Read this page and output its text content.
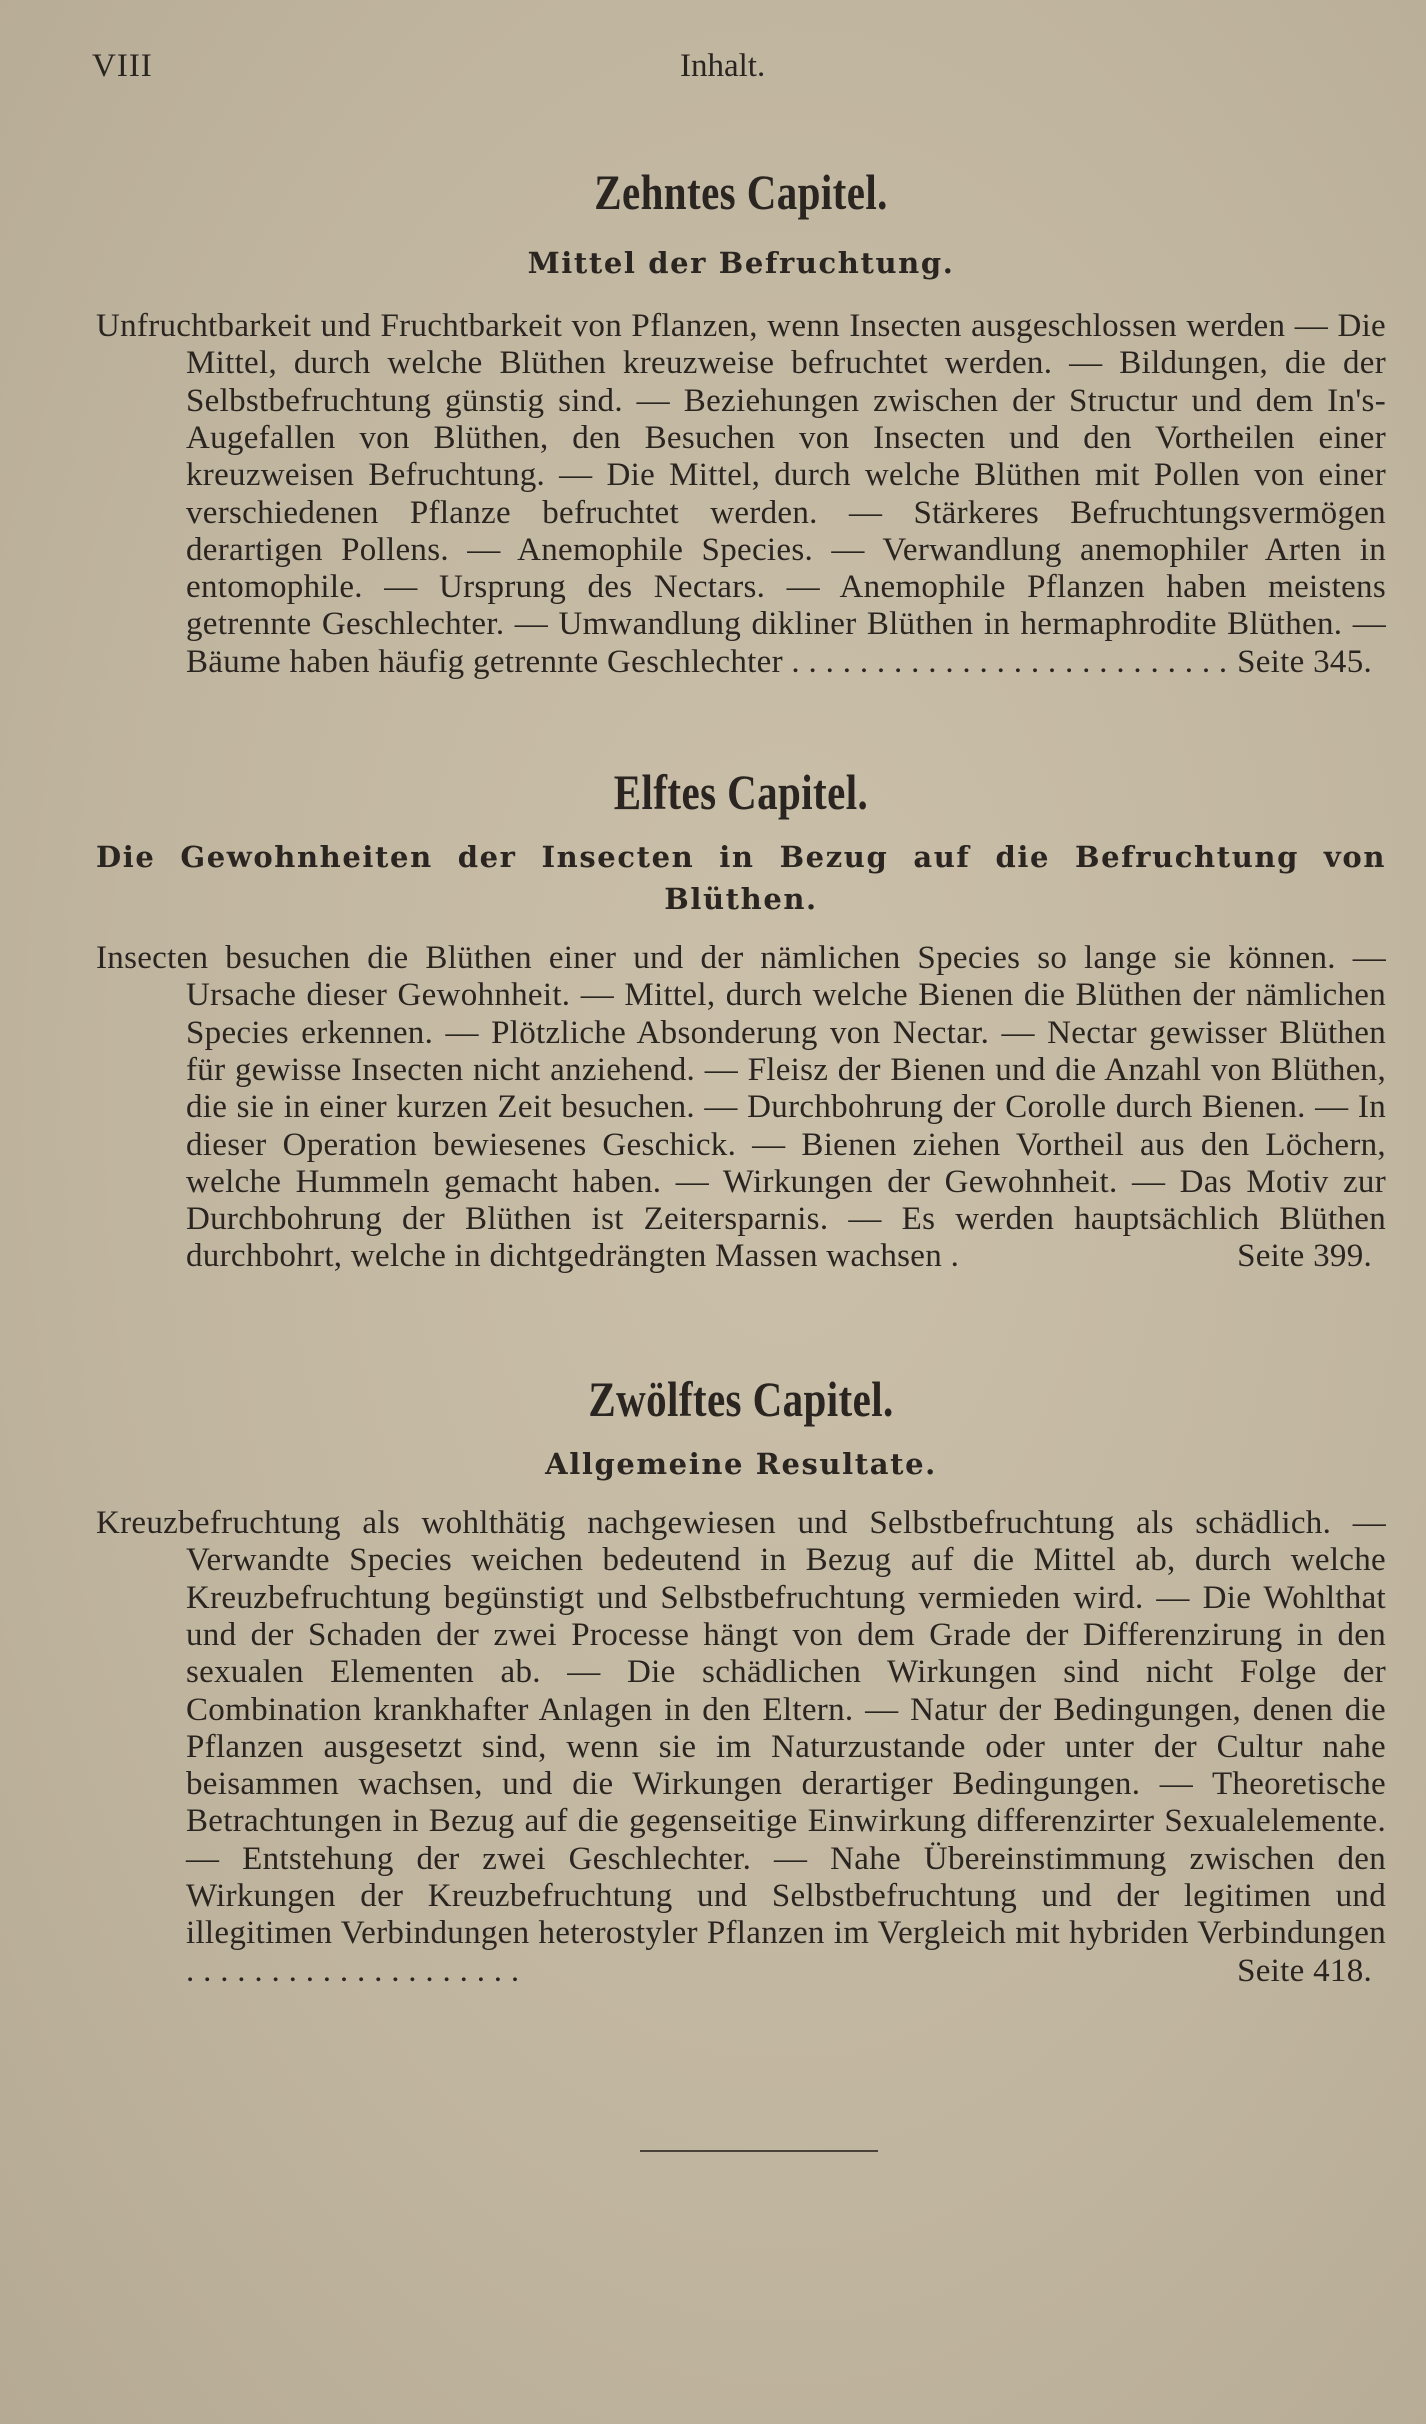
VIII	Inhalt.
Zehntes Capitel.

Mittel der Befruchtung.

Unfruchtbarkeit und Fruchtbarkeit von Pflanzen, wenn Insecten ausgeschlossen werden — Die Mittel, durch welche Blüthen kreuzweise befruchtet werden. — Bildungen, die der Selbstbefruchtung günstig sind. — Beziehungen zwischen der Structur und dem In's-Augefallen von Blüthen, den Besuchen von Insecten und den Vortheilen einer kreuzweisen Befruchtung. — Die Mittel, durch welche Blüthen mit Pollen von einer verschiedenen Pflanze befruchtet werden. — Stärkeres Befruchtungsvermögen derartigen Pollens. — Anemophile Species. — Verwandlung anemophiler Arten in entomophile. — Ursprung des Nectars. — Anemophile Pflanzen haben meistens getrennte Geschlechter. — Umwandlung dikliner Blüthen in hermaphrodite Blüthen. — Bäume haben häufig getrennte Geschlechter . . . . . . . . . . . . . . . . . . . . . . . . . . Seite 345.

Elftes Capitel.

Die Gewohnheiten der Insecten in Bezug auf die Befruchtung von Blüthen.

Insecten besuchen die Blüthen einer und der nämlichen Species so lange sie können. — Ursache dieser Gewohnheit. — Mittel, durch welche Bienen die Blüthen der nämlichen Species erkennen. — Plötzliche Absonderung von Nectar. — Nectar gewisser Blüthen für gewisse Insecten nicht anziehend. — Fleisz der Bienen und die Anzahl von Blüthen, die sie in einer kurzen Zeit besuchen. — Durchbohrung der Corolle durch Bienen. — In dieser Operation bewiesenes Geschick. — Bienen ziehen Vortheil aus den Löchern, welche Hummeln gemacht haben. — Wirkungen der Gewohnheit. — Das Motiv zur Durchbohrung der Blüthen ist Zeitersparnis. — Es werden hauptsächlich Blüthen durchbohrt, welche in dichtgedrängten Massen wachsen .	Seite 399.

Zwölftes Capitel.

Allgemeine Resultate.

Kreuzbefruchtung als wohlthätig nachgewiesen und Selbstbefruchtung als schädlich. — Verwandte Species weichen bedeutend in Bezug auf die Mittel ab, durch welche Kreuzbefruchtung begünstigt und Selbstbefruchtung vermieden wird. — Die Wohlthat und der Schaden der zwei Processe hängt von dem Grade der Differenzirung in den sexualen Elementen ab. — Die schädlichen Wirkungen sind nicht Folge der Combination krankhafter Anlagen in den Eltern. — Natur der Bedingungen, denen die Pflanzen ausgesetzt sind, wenn sie im Naturzustande oder unter der Cultur nahe beisammen wachsen, und die Wirkungen derartiger Bedingungen. — Theoretische Betrachtungen in Bezug auf die gegenseitige Einwirkung differenzirter Sexualelemente. — Entstehung der zwei Geschlechter. — Nahe Übereinstimmung zwischen den Wirkungen der Kreuzbefruchtung und Selbstbefruchtung und der legitimen und illegitimen Verbindungen heterostyler Pflanzen im Vergleich mit hybriden Verbindungen . . . . . . . . . . . . . . . . . . . .	Seite 418.
